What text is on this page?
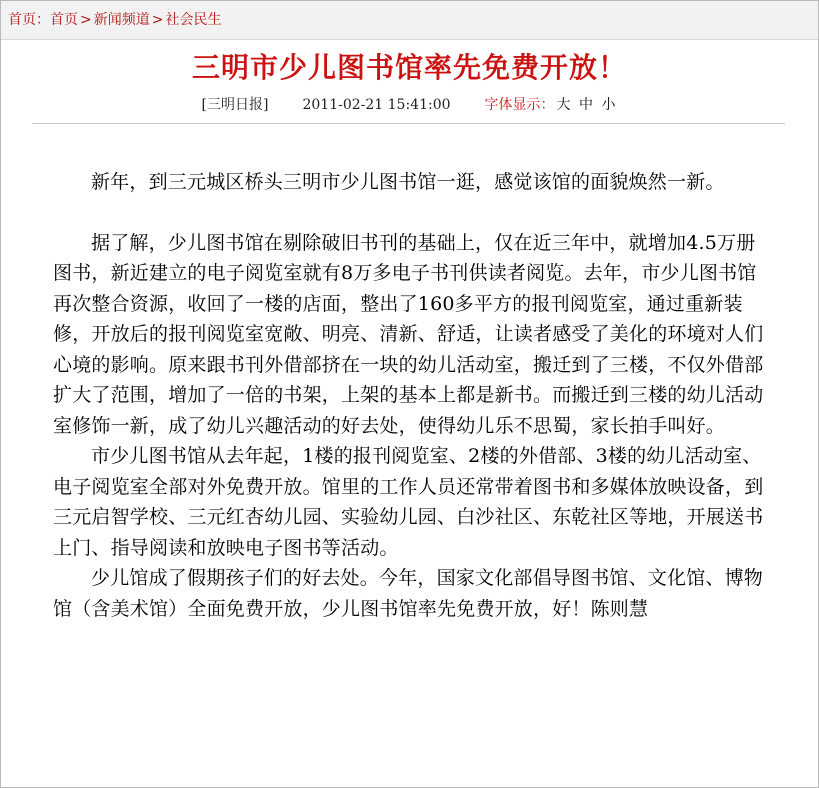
首页：首页 > 新闻频道 > 社会民生
三明市少儿图书馆率先免费开放！
[三明日报] 2011-02-21 15:41:00 字体显示： 大 中 小

新年，到三元城区桥头三明市少儿图书馆一逛，感觉该馆的面貌焕然一新。

据了解，少儿图书馆在剔除破旧书刊的基础上，仅在近三年中，就增加4.5万册图书，新近建立的电子阅览室就有8万多电子书刊供读者阅览。去年，市少儿图书馆再次整合资源，收回了一楼的店面，整出了160多平方的报刊阅览室，通过重新装修，开放后的报刊阅览室宽敞、明亮、清新、舒适，让读者感受了美化的环境对人们心境的影响。原来跟书刊外借部挤在一块的幼儿活动室，搬迁到了三楼，不仅外借部扩大了范围，增加了一倍的书架，上架的基本上都是新书。而搬迁到三楼的幼儿活动室修饰一新，成了幼儿兴趣活动的好去处，使得幼儿乐不思蜀，家长拍手叫好。

市少儿图书馆从去年起，1楼的报刊阅览室、2楼的外借部、3楼的幼儿活动室、电子阅览室全部对外免费开放。馆里的工作人员还常带着图书和多媒体放映设备，到三元启智学校、三元红杏幼儿园、实验幼儿园、白沙社区、东乾社区等地，开展送书上门、指导阅读和放映电子图书等活动。

少儿馆成了假期孩子们的好去处。今年，国家文化部倡导图书馆、文化馆、博物馆（含美术馆）全面免费开放，少儿图书馆率先免费开放，好！陈则慧
